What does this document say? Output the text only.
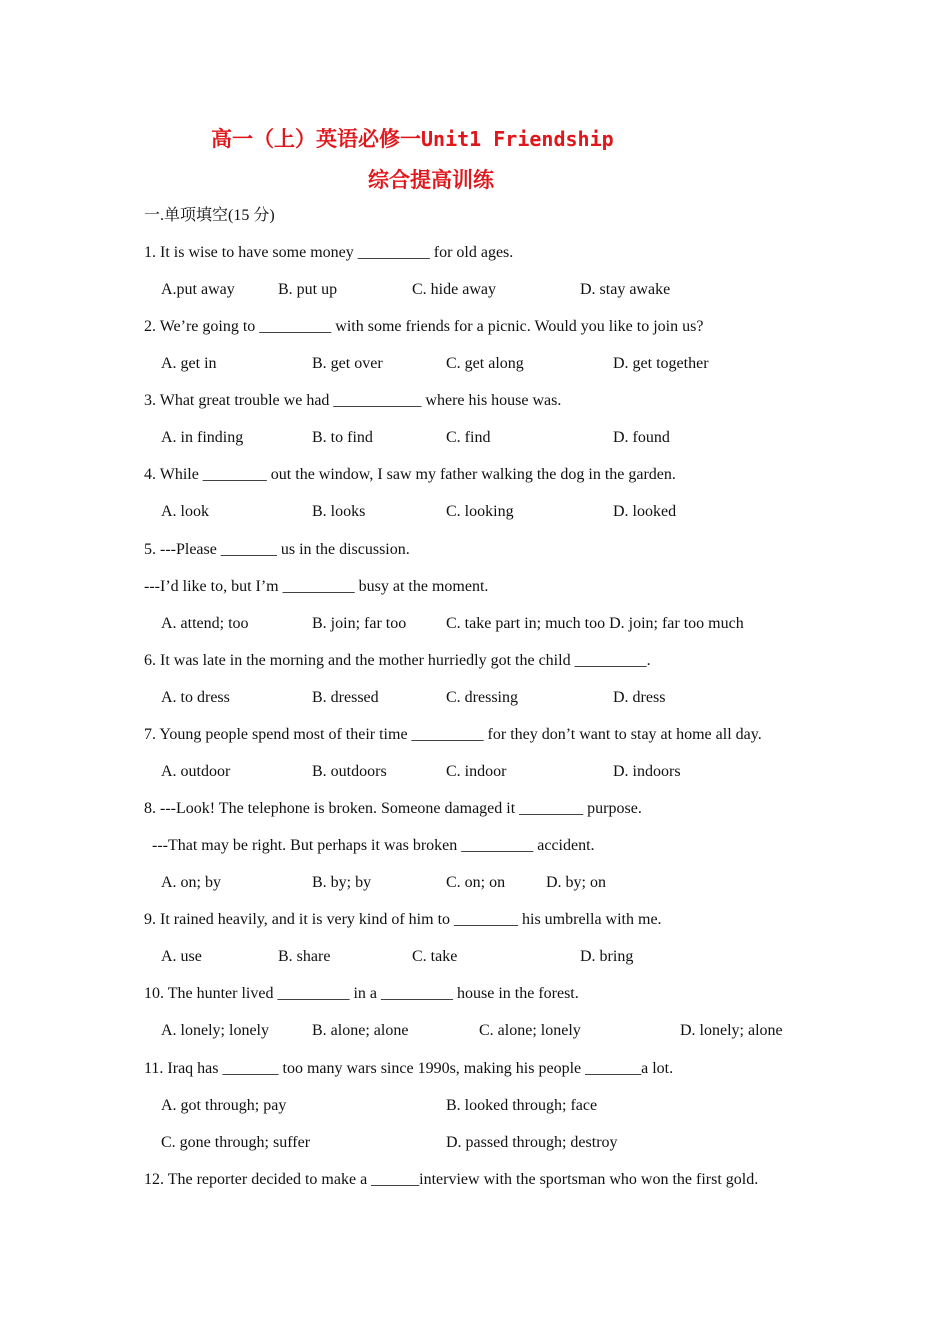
高一（上）英语必修一Unit1 Friendship
综合提高训练
一.单项填空(15 分)
1. It is wise to have some money _________ for old ages.
A.put away	B. put up	C. hide away	D. stay awake
2. We’re going to _________ with some friends for a picnic. Would you like to join us?
A. get in	B. get over	C. get along	D. get together
3. What great trouble we had ___________ where his house was.
A. in finding	B. to find	C. find	D. found
4. While ________ out the window, I saw my father walking the dog in the garden.
A. look	B. looks	C. looking	D. looked
5. ---Please _______ us in the discussion.
---I’d like to, but I’m _________ busy at the moment.
A. attend; too	B. join; far too C. take part in; much too D. join; far too much
6. It was late in the morning and the mother hurriedly got the child _________.
A. to dress	B. dressed	C. dressing	D. dress
7. Young people spend most of their time _________ for they don’t want to stay at home all day.
A. outdoor	B. outdoors	C. indoor	D. indoors
8. ---Look! The telephone is broken. Someone damaged it ________ purpose.
---That may be right. But perhaps it was broken _________ accident.
A. on; by	B. by; by	C. on; on	D. by; on
9. It rained heavily, and it is very kind of him to ________ his umbrella with me.
A. use	B. share	C. take	D. bring
10. The hunter lived _________ in a _________ house in the forest.
A. lonely; lonely	B. alone; alone	C. alone; lonely	D. lonely; alone
11. Iraq has _______ too many wars since 1990s, making his people _______a lot.
A. got through; pay	B. looked through; face
C. gone through; suffer	D. passed through; destroy
12. The reporter decided to make a ______interview with the sportsman who won the first gold.
